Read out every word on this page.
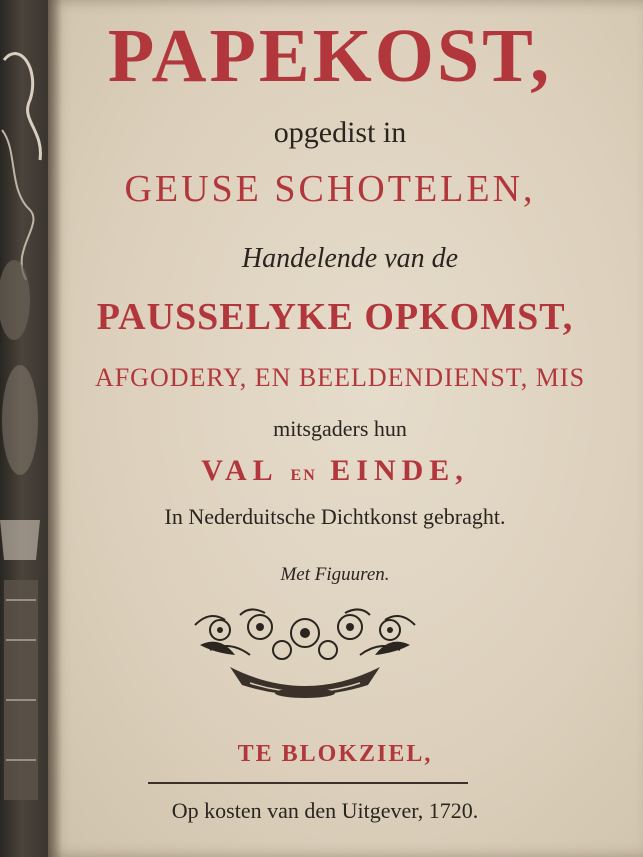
PAPEKOST,
opgedist in
GEUSE SCHOTELEN,
Handelende van de
PAUSSELYKE OPKOMST,
AFGODERY, EN BEELDENDIENST, MIS
mitsgaders hun
VAL EN EINDE,
In Nederduitsche Dichtkonst gebraght.
Met Figuuren.
TE BLOKZIEL,
Op kosten van den Uitgever, 1720.
